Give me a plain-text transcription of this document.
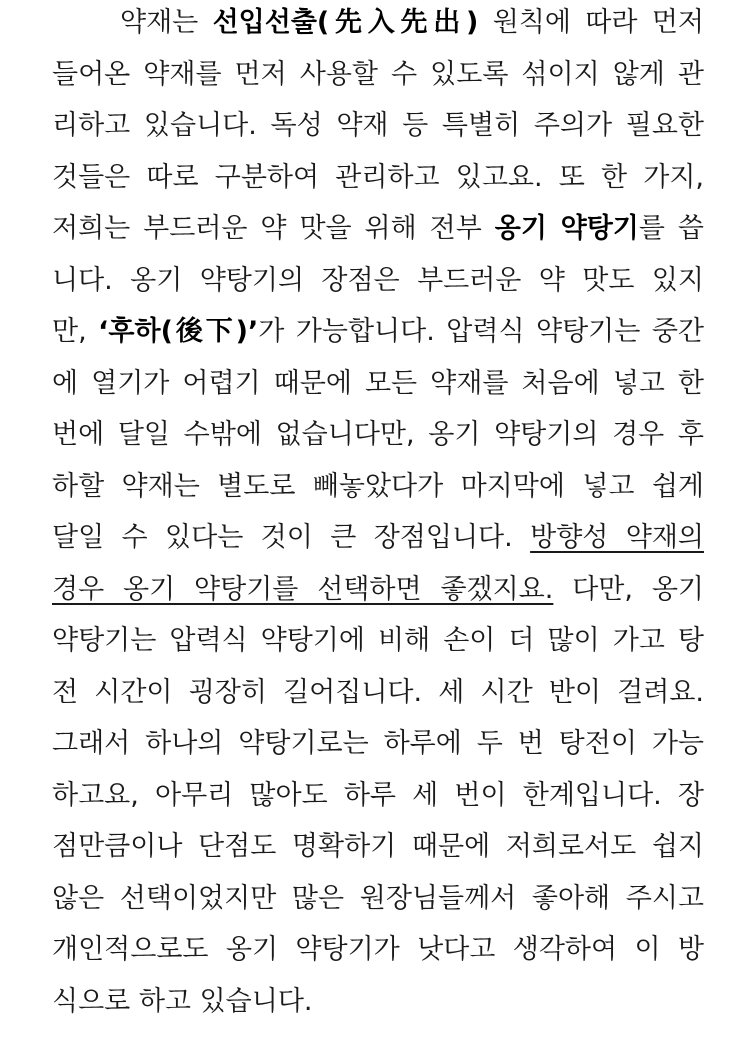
약재는 선입선출(先入先出) 원칙에 따라 먼저
들어온 약재를 먼저 사용할 수 있도록 섞이지 않게 관
리하고 있습니다. 독성 약재 등 특별히 주의가 필요한
것들은 따로 구분하여 관리하고 있고요. 또 한 가지,
저희는 부드러운 약 맛을 위해 전부 옹기 약탕기를 씁
니다. 옹기 약탕기의 장점은 부드러운 약 맛도 있지
만, ‘후하(後下)’가 가능합니다. 압력식 약탕기는 중간
에 열기가 어렵기 때문에 모든 약재를 처음에 넣고 한
번에 달일 수밖에 없습니다만, 옹기 약탕기의 경우 후
하할 약재는 별도로 빼놓았다가 마지막에 넣고 쉽게
달일 수 있다는 것이 큰 장점입니다. 방향성 약재의
경우 옹기 약탕기를 선택하면 좋겠지요. 다만, 옹기
약탕기는 압력식 약탕기에 비해 손이 더 많이 가고 탕
전 시간이 굉장히 길어집니다. 세 시간 반이 걸려요.
그래서 하나의 약탕기로는 하루에 두 번 탕전이 가능
하고요, 아무리 많아도 하루 세 번이 한계입니다. 장
점만큼이나 단점도 명확하기 때문에 저희로서도 쉽지
않은 선택이었지만 많은 원장님들께서 좋아해 주시고
개인적으로도 옹기 약탕기가 낫다고 생각하여 이 방
식으로 하고 있습니다.
